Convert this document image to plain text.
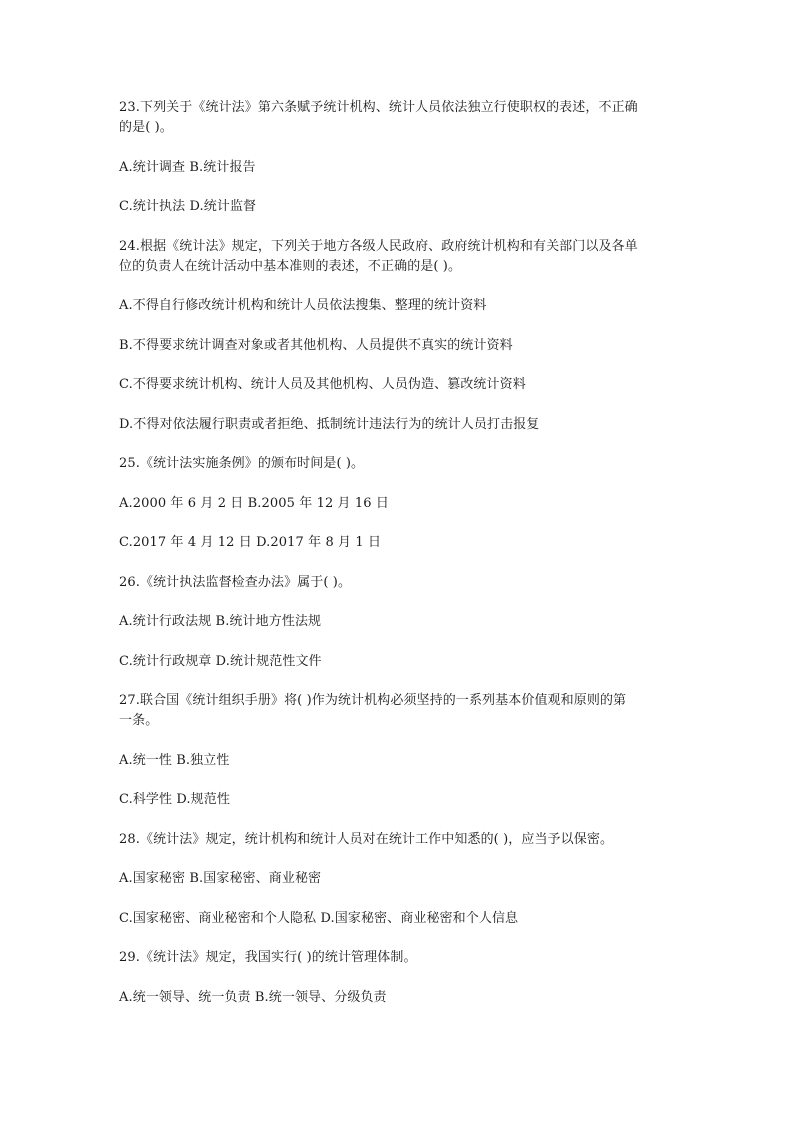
23.下列关于《统计法》第六条赋予统计机构、统计人员依法独立行使职权的表述，不正确
的是( )。
A.统计调查 B.统计报告
C.统计执法 D.统计监督
24.根据《统计法》规定，下列关于地方各级人民政府、政府统计机构和有关部门以及各单
位的负责人在统计活动中基本准则的表述，不正确的是( )。
A.不得自行修改统计机构和统计人员依法搜集、整理的统计资料
B.不得要求统计调查对象或者其他机构、人员提供不真实的统计资料
C.不得要求统计机构、统计人员及其他机构、人员伪造、篡改统计资料
D.不得对依法履行职责或者拒绝、抵制统计违法行为的统计人员打击报复
25.《统计法实施条例》的颁布时间是( )。
A.2000 年 6 月 2 日 B.2005 年 12 月 16 日
C.2017 年 4 月 12 日 D.2017 年 8 月 1 日
26.《统计执法监督检查办法》属于( )。
A.统计行政法规 B.统计地方性法规
C.统计行政规章 D.统计规范性文件
27.联合国《统计组织手册》将( )作为统计机构必须坚持的一系列基本价值观和原则的第
一条。
A.统一性 B.独立性
C.科学性 D.规范性
28.《统计法》规定，统计机构和统计人员对在统计工作中知悉的( )，应当予以保密。
A.国家秘密 B.国家秘密、商业秘密
C.国家秘密、商业秘密和个人隐私 D.国家秘密、商业秘密和个人信息
29.《统计法》规定，我国实行( )的统计管理体制。
A.统一领导、统一负责 B.统一领导、分级负责
